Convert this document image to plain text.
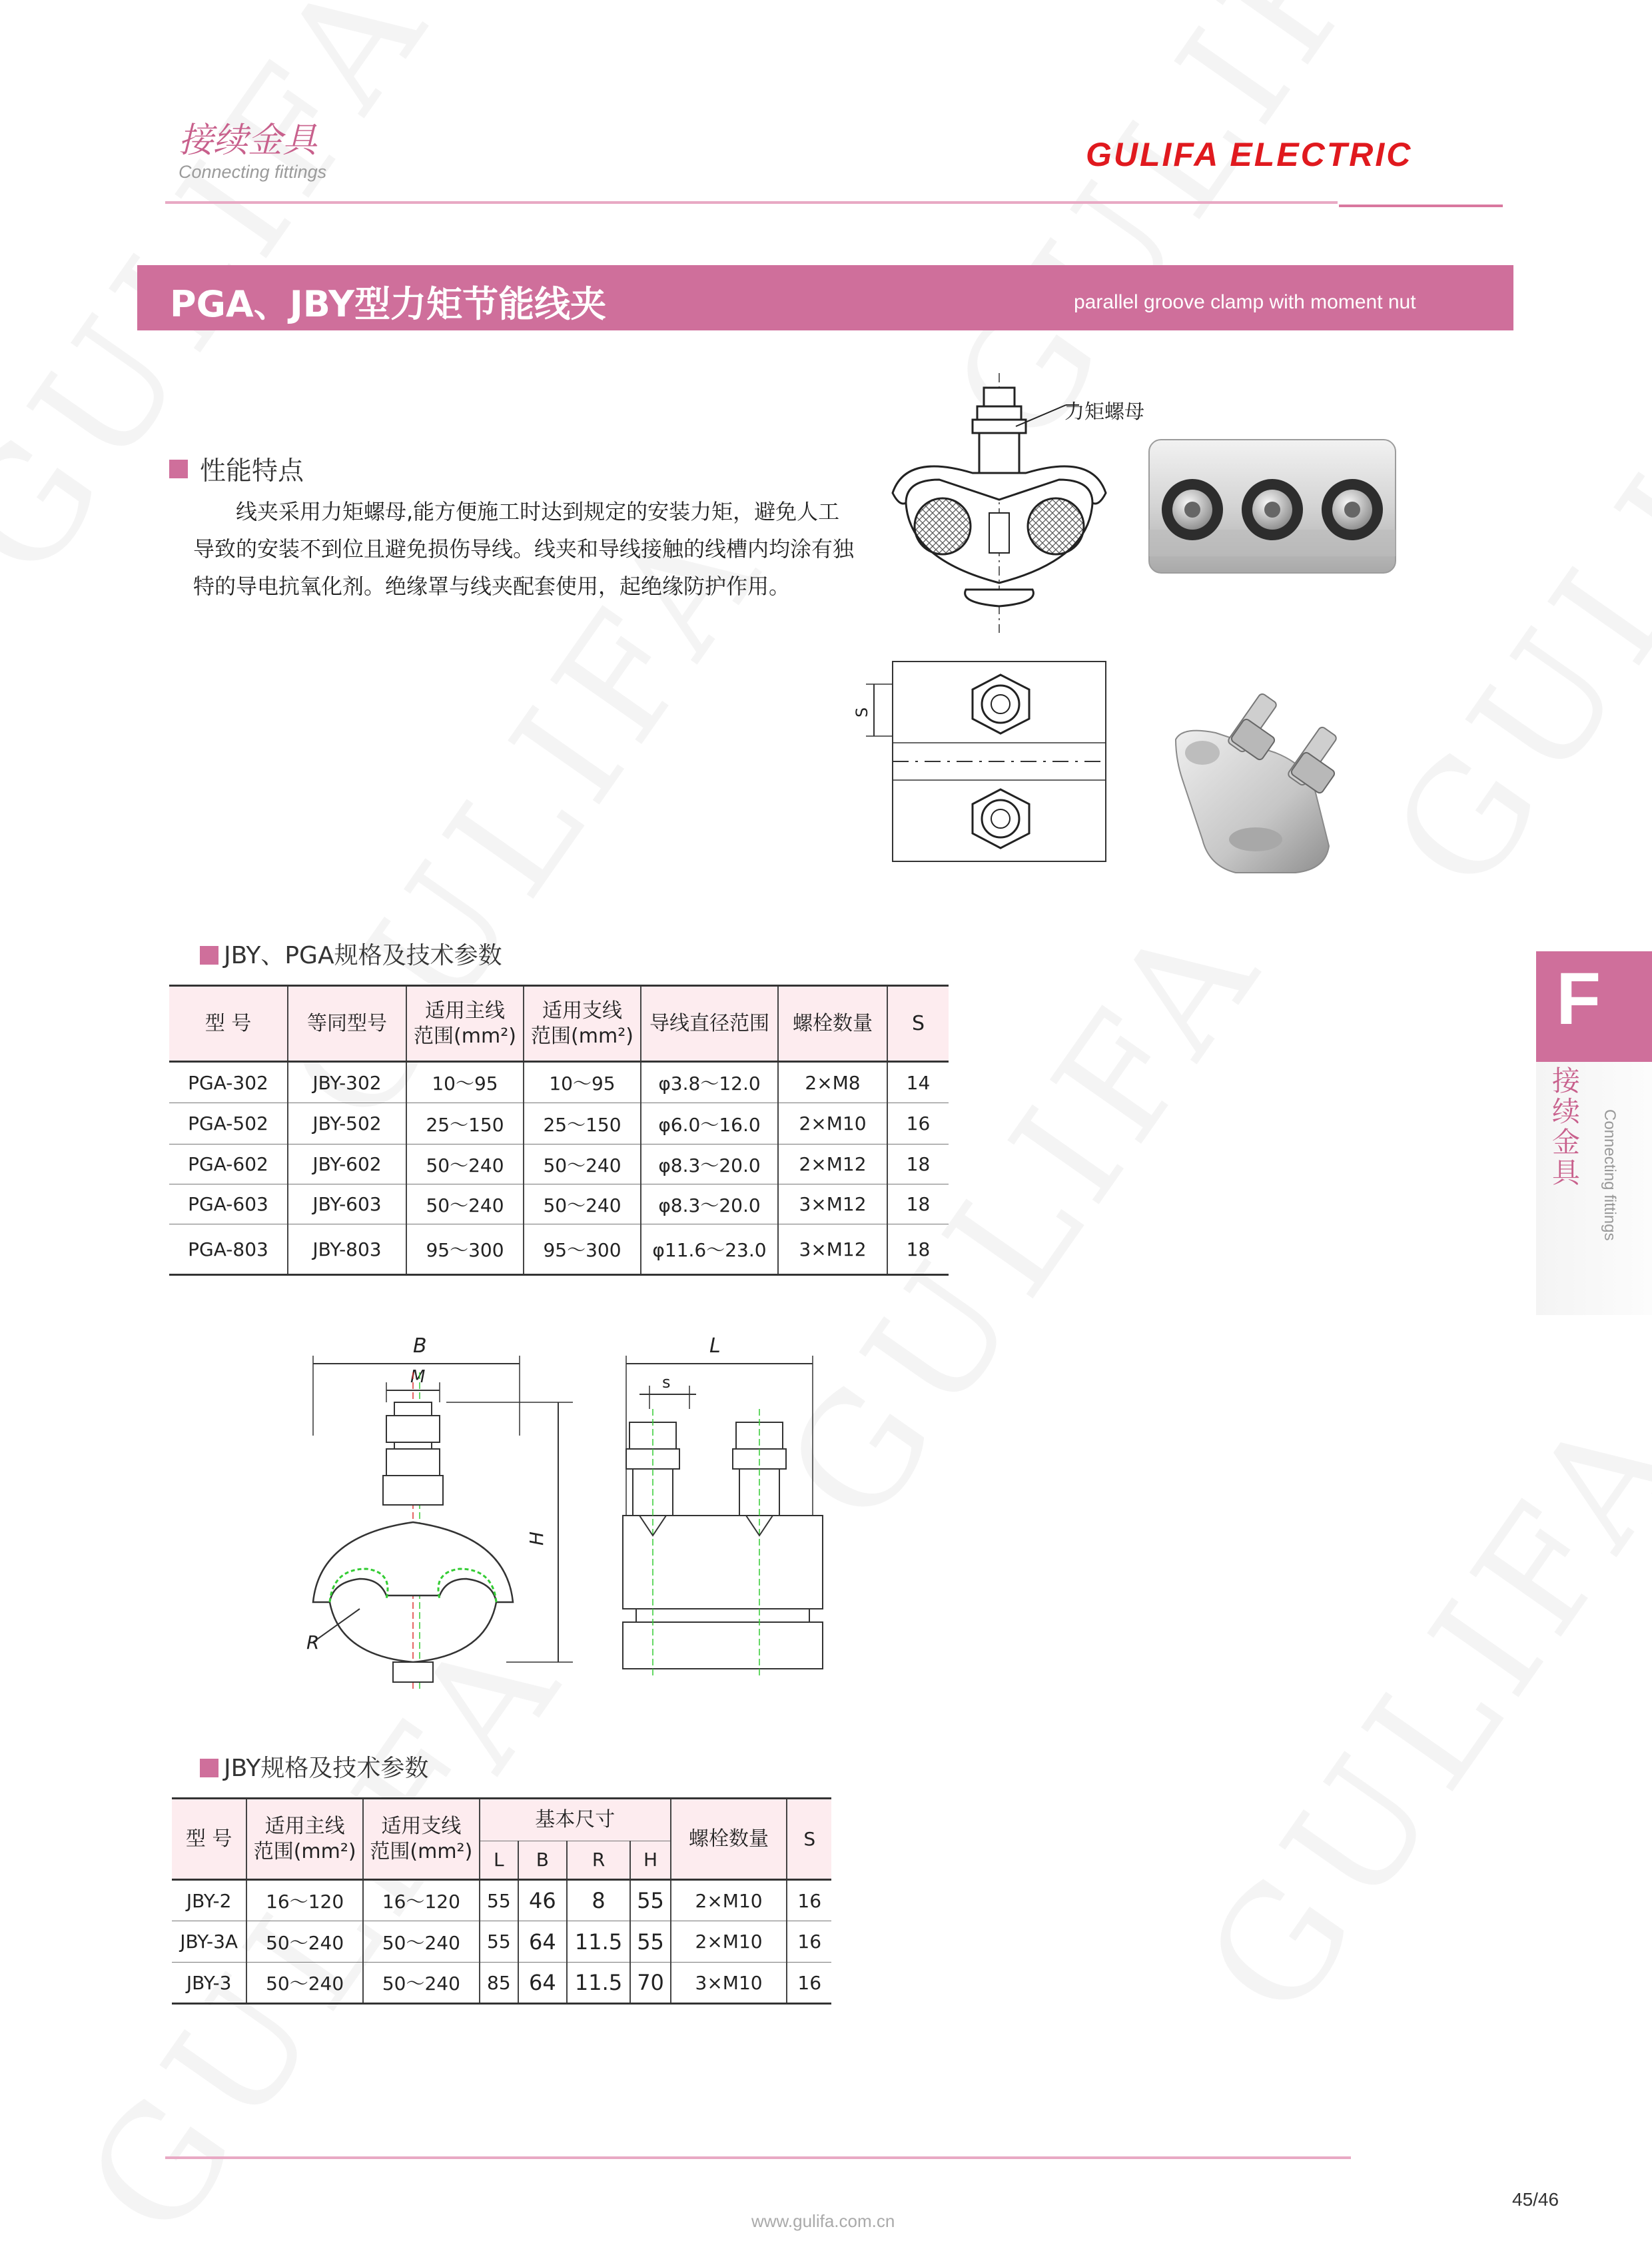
接续金具
Connecting fittings	GULIFA ELECTRIC
PGA、JBY型力矩节能线夹	parallel groove clamp with moment nut
性能特点
线夹采用力矩螺母,能方便施工时达到规定的安装力矩，避免人工
导致的安装不到位且避免损伤导线。线夹和导线接触的线槽内均涂有独
特的导电抗氧化剂。绝缘罩与线夹配套使用，起绝缘防护作用。
力矩螺母
S
JBY、PGA规格及技术参数
型 号	等同型号	适用主线
范围(mm²)	适用支线
范围(mm²)	导线直径范围	螺栓数量	S
PGA-302	JBY-302	10～95	10～95	φ3.8～12.0	2×M8	14
PGA-502	JBY-502	25～150	25～150	φ6.0～16.0	2×M10	16
PGA-602	JBY-602	50～240	50～240	φ8.3～20.0	2×M12	18
PGA-603	JBY-603	50～240	50～240	φ8.3～20.0	3×M12	18
PGA-803	JBY-803	95～300	95～300	φ11.6～23.0	3×M12	18
B
M
H
R
L
s
JBY规格及技术参数
型 号	适用主线
范围(mm²)	适用支线
范围(mm²)	基本尺寸				螺栓数量	S
			L	B	R	H		
JBY-2	16～120	16～120	55	46	8	55	2×M10	16
JBY-3A	50～240	50～240	55	64	11.5	55	2×M10	16
JBY-3	50～240	50～240	85	64	11.5	70	3×M10	16
F
接续金具 Connecting fittings
45/46
www.gulifa.com.cn
